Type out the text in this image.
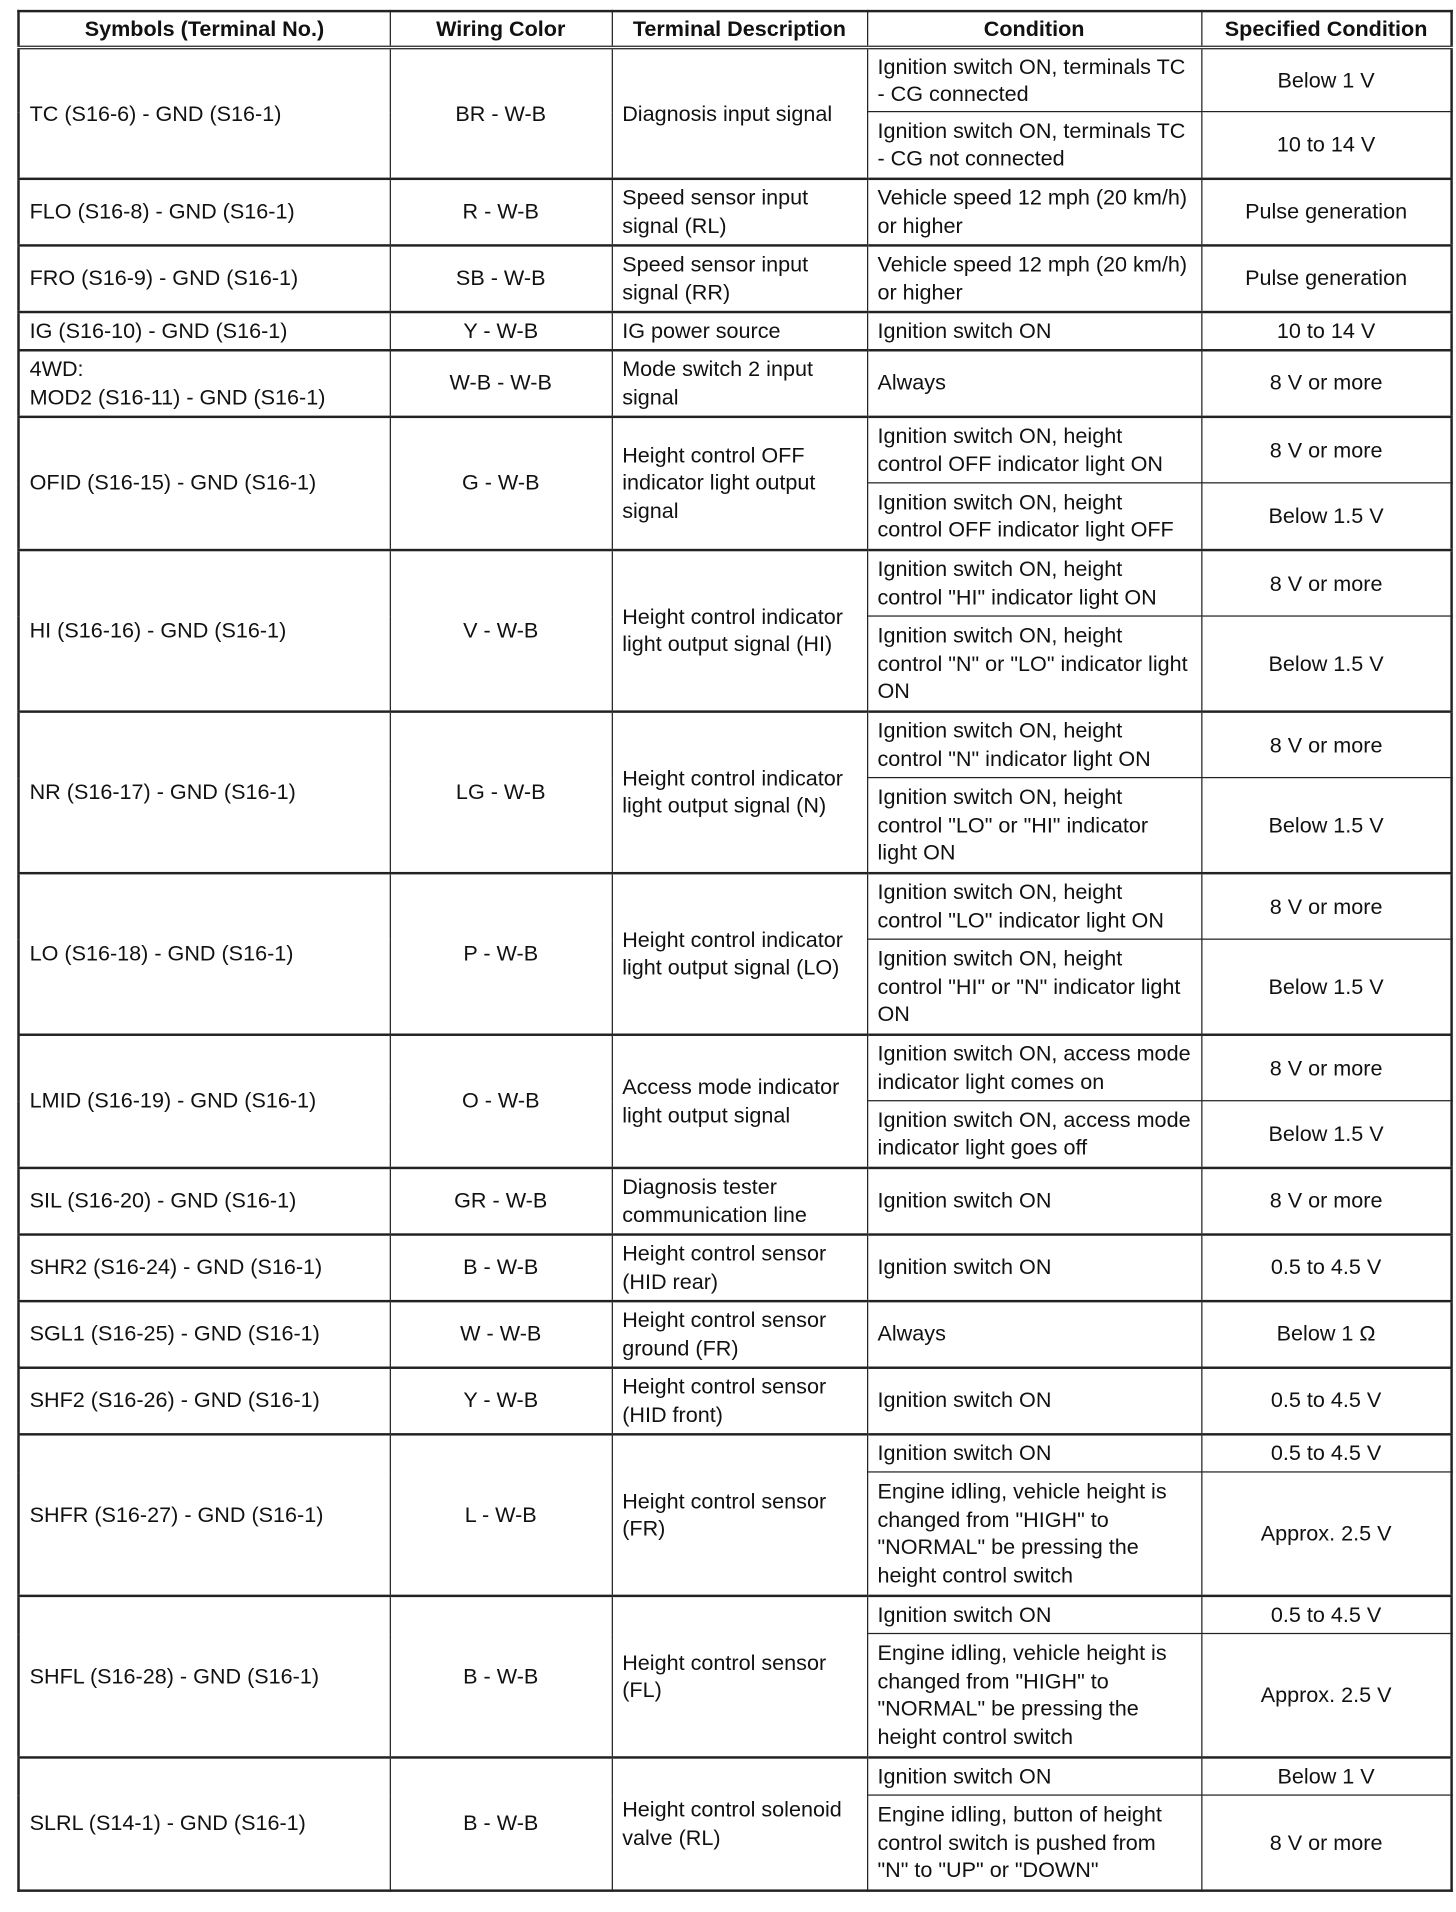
Symbols (Terminal No.)	Wiring Color	Terminal Description	Condition	Specified Condition
TC (S16-6) - GND (S16-1)	BR - W-B	Diagnosis input signal	Ignition switch ON, terminals TC - CG connected	Below 1 V
			Ignition switch ON, terminals TC - CG not connected	10 to 14 V
FLO (S16-8) - GND (S16-1)	R - W-B	Speed sensor input signal (RL)	Vehicle speed 12 mph (20 km/h) or higher	Pulse generation
FRO (S16-9) - GND (S16-1)	SB - W-B	Speed sensor input signal (RR)	Vehicle speed 12 mph (20 km/h) or higher	Pulse generation
IG (S16-10) - GND (S16-1)	Y - W-B	IG power source	Ignition switch ON	10 to 14 V
4WD:
MOD2 (S16-11) - GND (S16-1)	W-B - W-B	Mode switch 2 input signal	Always	8 V or more
OFID (S16-15) - GND (S16-1)	G - W-B	Height control OFF indicator light output signal	Ignition switch ON, height control OFF indicator light ON	8 V or more
			Ignition switch ON, height control OFF indicator light OFF	Below 1.5 V
HI (S16-16) - GND (S16-1)	V - W-B	Height control indicator light output signal (HI)	Ignition switch ON, height control "HI" indicator light ON	8 V or more
			Ignition switch ON, height control "N" or "LO" indicator light ON	Below 1.5 V
NR (S16-17) - GND (S16-1)	LG - W-B	Height control indicator light output signal (N)	Ignition switch ON, height control "N" indicator light ON	8 V or more
			Ignition switch ON, height control "LO" or "HI" indicator light ON	Below 1.5 V
LO (S16-18) - GND (S16-1)	P - W-B	Height control indicator light output signal (LO)	Ignition switch ON, height control "LO" indicator light ON	8 V or more
			Ignition switch ON, height control "HI" or "N" indicator light ON	Below 1.5 V
LMID (S16-19) - GND (S16-1)	O - W-B	Access mode indicator light output signal	Ignition switch ON, access mode indicator light comes on	8 V or more
			Ignition switch ON, access mode indicator light goes off	Below 1.5 V
SIL (S16-20) - GND (S16-1)	GR - W-B	Diagnosis tester communication line	Ignition switch ON	8 V or more
SHR2 (S16-24) - GND (S16-1)	B - W-B	Height control sensor (HID rear)	Ignition switch ON	0.5 to 4.5 V
SGL1 (S16-25) - GND (S16-1)	W - W-B	Height control sensor ground (FR)	Always	Below 1 Ω
SHF2 (S16-26) - GND (S16-1)	Y - W-B	Height control sensor (HID front)	Ignition switch ON	0.5 to 4.5 V
SHFR (S16-27) - GND (S16-1)	L - W-B	Height control sensor (FR)	Ignition switch ON	0.5 to 4.5 V
			Engine idling, vehicle height is changed from "HIGH" to "NORMAL" be pressing the height control switch	Approx. 2.5 V
SHFL (S16-28) - GND (S16-1)	B - W-B	Height control sensor (FL)	Ignition switch ON	0.5 to 4.5 V
			Engine idling, vehicle height is changed from "HIGH" to "NORMAL" be pressing the height control switch	Approx. 2.5 V
SLRL (S14-1) - GND (S16-1)	B - W-B	Height control solenoid valve (RL)	Ignition switch ON	Below 1 V
			Engine idling, button of height control switch is pushed from "N" to "UP" or "DOWN"	8 V or more
